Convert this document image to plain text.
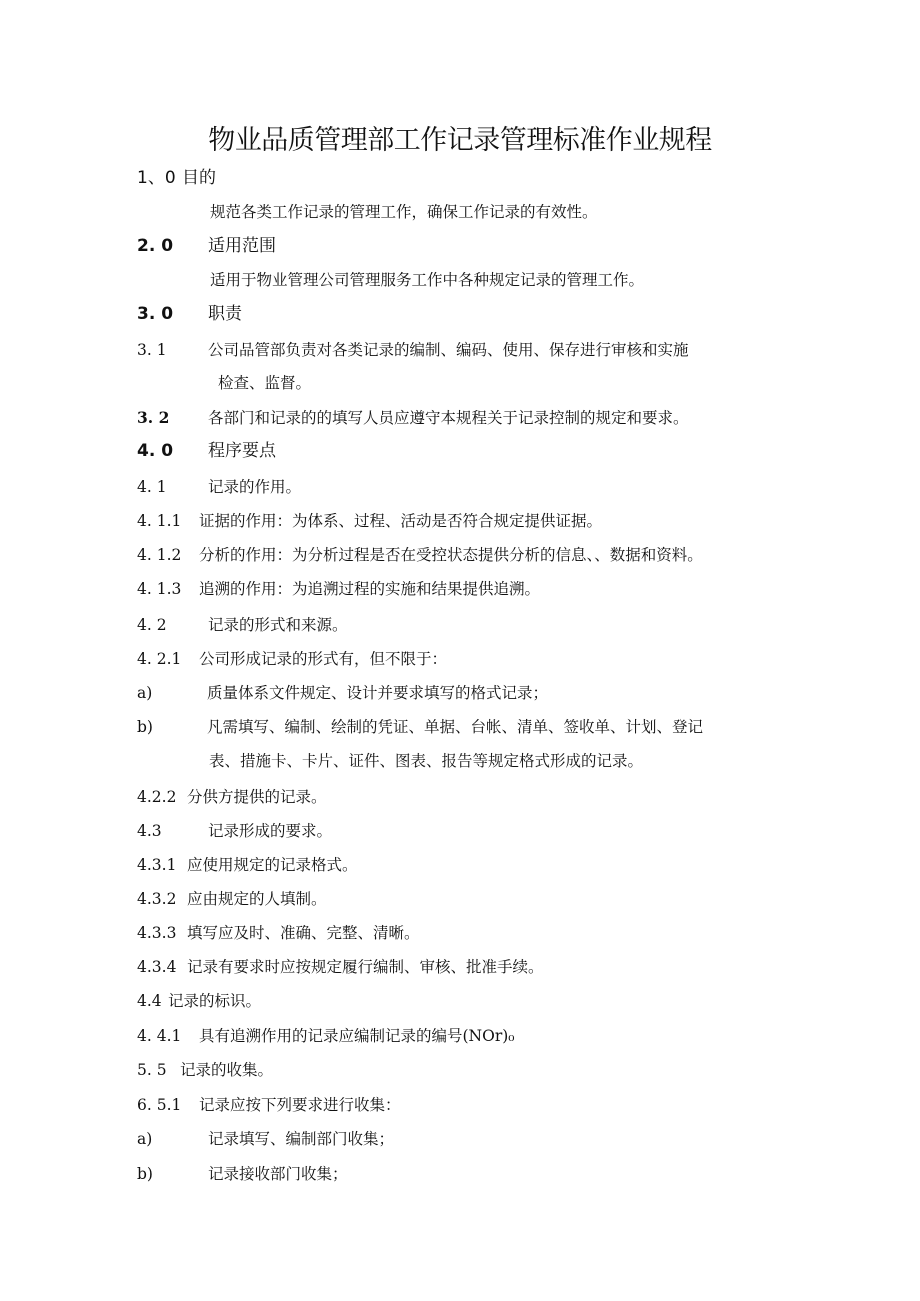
物业品质管理部工作记录管理标准作业规程
1、0 目的
规范各类工作记录的管理工作，确保工作记录的有效性。
2. 0 适用范围
适用于物业管理公司管理服务工作中各种规定记录的管理工作。
3. 0 职责
3. 1	公司品管部负责对各类记录的编制、编码、使用、保存进行审核和实施
检查、监督。
3. 2 各部门和记录的的填写人员应遵守本规程关于记录控制的规定和要求。
4. 0 程序要点
4. 1	记录的作用。
4. 1.1 证据的作用：为体系、过程、活动是否符合规定提供证据。
4. 1.2 分析的作用：为分析过程是否在受控状态提供分析的信息、、数据和资料。
4. 1.3 追溯的作用：为追溯过程的实施和结果提供追溯。
4. 2	记录的形式和来源。
4. 2.1 公司形成记录的形式有，但不限于：
a)	质量体系文件规定、设计并要求填写的格式记录；
b)	凡需填写、编制、绘制的凭证、单据、台帐、清单、签收单、计划、登记
表、措施卡、卡片、证件、图表、报告等规定格式形成的记录。
4.2.2 分供方提供的记录。
4.3	记录形成的要求。
4.3.1 应使用规定的记录格式。
4.3.2 应由规定的人填制。
4.3.3 填写应及时、准确、完整、清晰。
4.3.4 记录有要求时应按规定履行编制、审核、批准手续。
4.4 记录的标识。
4. 4.1 具有追溯作用的记录应编制记录的编号(NOr)₀
5. 5 记录的收集。
6. 5.1 记录应按下列要求进行收集：
a)	记录填写、编制部门收集；
b)	记录接收部门收集；
